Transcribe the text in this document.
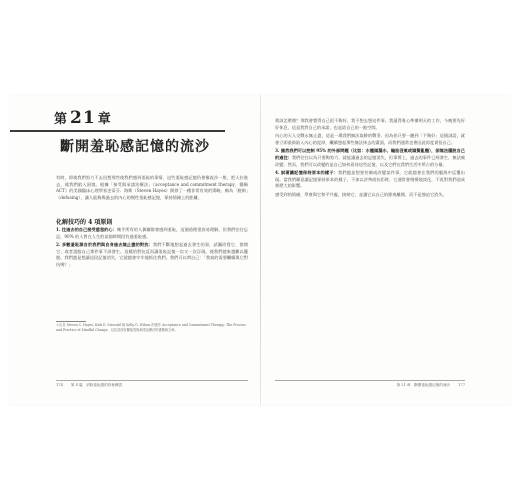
第 21 章
斷開羞恥感記憶的流沙
有時，即使我們努力不去回想那些使我們感到羞恥的事情，這些羞恥感記憶仍會像流沙一般，把人拉進去，使我們陷入困境。根據「接受與承諾治療法」（acceptance and commitment therapy，簡稱 ACT）的美國臨床心理學家史蒂芬．海斯（Steven Hayes）開發了一種非常有效的策略，稱為「脫鉤」（defusing），讓人能夠與過去的內心的慢性羞恥感記憶，保持情緒上的距離。
化解技巧的 4 項原則

1. 往過去的自己接受慈悲的心：幾乎所有的人偶爾都會感到羞恥，這個道理很容易理解，但我們往往忘記，90% 的人曾在人生的某個時間段有過羞恥感。

2. 多數羞恥源自於我們與自身過去無止盡的對抗：我們不斷地想起過去發生的事，試圖改寫它、推開它、或者說服自己那件事不該發生。這樣的對抗反而讓羞恥記憶一次又一次浮現，使我們越來越難以擺脫。我們越是想讓這段記憶消失，它就越會牢牢地抓住我們。我們可以問自己：「我真的需要繼續與它對抗嗎？」

＊出自 Steven C. Hayes, Kirk D. Strosahl 與 Kelly G. Wilson 的著作 Acceptance and Commitment Therapy: The Process and Practice of Mindful Change，以及其他有關接受與承諾治療法的書籍與文章。
174 第 4 篇　消除羞恥感的終極練習

那該怎麼辦？那我會覺得自己很不夠好。我不想去想這件事。我還得專心準備明天的工作，今晚要先好好休息，這是我對自己的承諾，也是給自己的一點空間。

內心的天人交戰永無止盡，這是一場我們無法取勝的戰爭。因為你只要一聽到「不夠好」這個詞語，就會立即重新陷入內心的泥淖，繼續想起那些無法抹去的畫面，而我們通常也會因此再度責怪自己。

3. 雖然我們可以控制 95% 的外部問題（比如：水龍頭漏水、輪胎沒氣或頭髮亂翹），卻無法擺脫自己的過往：我們往往以為只要夠努力，就能讓過去的記憶消失，但事實上，過去的事件已經發生，無法被改變。然而，我們可以改變的是自己如何看待這些記憶，以及它們在我們生活中所占的分量。

4. 試著讓記憶保持原本的樣子：我們越是想要控制或改變某件事，它就越會在我們的腦海中反覆出現。當我們願意讓記憶保持原本的樣子，不加以評判或抗拒時，它通常會慢慢地淡化，不再對我們造成那麼大的影響。

感受到的情緒，學會與它和平共處，接納它，並讓它以自己的節奏離開，而不是強迫它消失。

第 21 章　斷開羞恥感記憶的流沙 177
